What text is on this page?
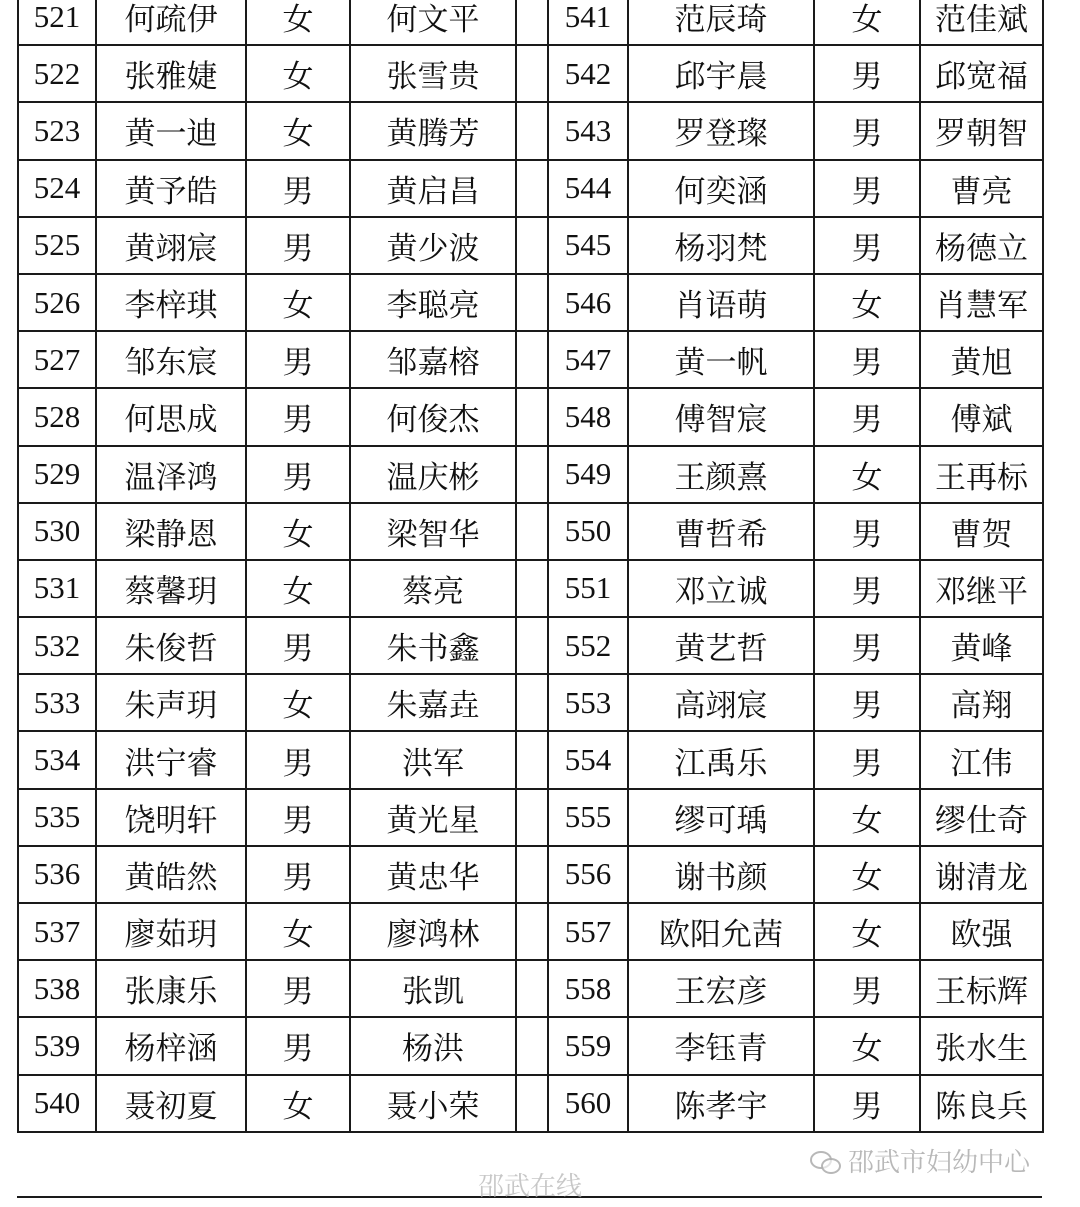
521	何疏伊	女	何文平		541	范辰琦	女	范佳斌
522	张雅婕	女	张雪贵		542	邱宇晨	男	邱宽福
523	黄一迪	女	黄腾芳		543	罗登璨	男	罗朝智
524	黄予皓	男	黄启昌		544	何奕涵	男	曹亮
525	黄翊宸	男	黄少波		545	杨羽梵	男	杨德立
526	李梓琪	女	李聪亮		546	肖语萌	女	肖慧军
527	邹东宸	男	邹嘉榕		547	黄一帆	男	黄旭
528	何思成	男	何俊杰		548	傅智宸	男	傅斌
529	温泽鸿	男	温庆彬		549	王颜熹	女	王再标
530	梁静恩	女	梁智华		550	曹哲希	男	曹贺
531	蔡馨玥	女	蔡亮		551	邓立诚	男	邓继平
532	朱俊哲	男	朱书鑫		552	黄艺哲	男	黄峰
533	朱声玥	女	朱嘉垚		553	高翊宸	男	高翔
534	洪宁睿	男	洪军		554	江禹乐	男	江伟
535	饶明轩	男	黄光星		555	缪可瑀	女	缪仕奇
536	黄皓然	男	黄忠华		556	谢书颜	女	谢清龙
537	廖茹玥	女	廖鸿林		557	欧阳允茜	女	欧强
538	张康乐	男	张凯		558	王宏彦	男	王标辉
539	杨梓涵	男	杨洪		559	李钰青	女	张水生
540	聂初夏	女	聂小荣		560	陈孝宇	男	陈良兵
邵武市妇幼中心
邵武在线
